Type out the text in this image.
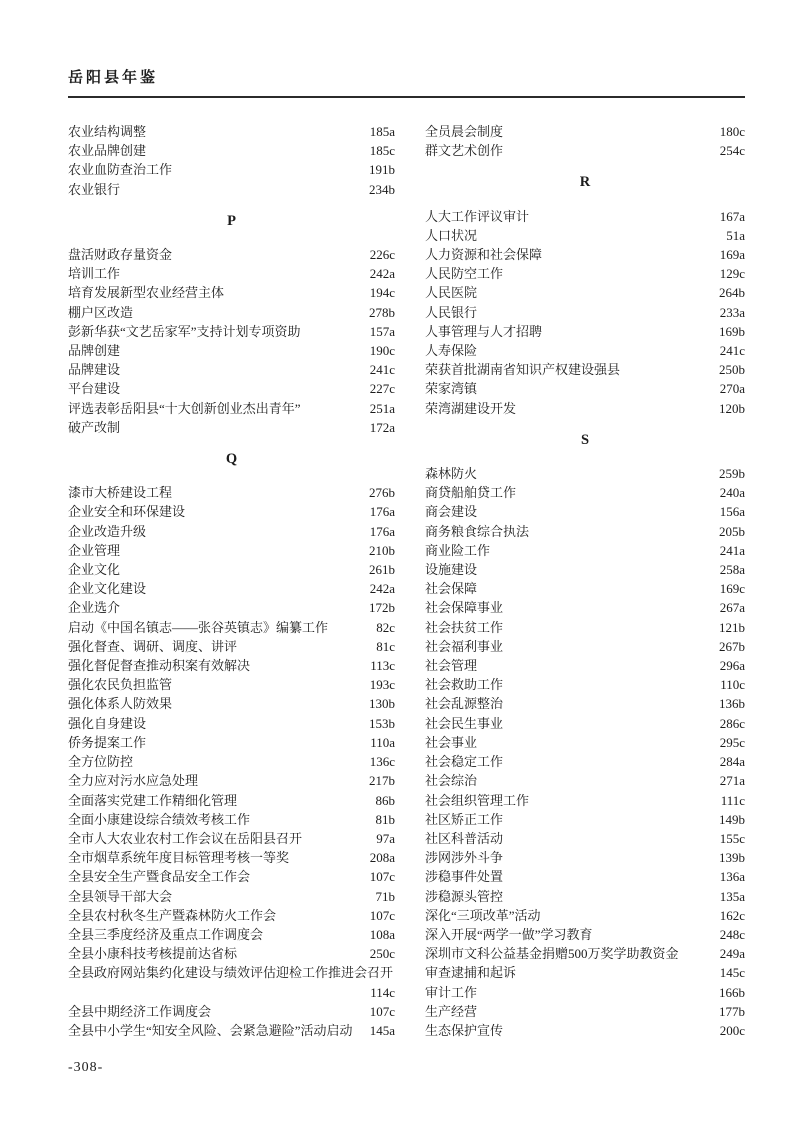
岳阳县年鉴
农业结构调整	185a
农业品牌创建	185c
农业血防查治工作	191b
农业银行	234b
P
盘活财政存量资金	226c
培训工作	242a
培育发展新型农业经营主体	194c
棚户区改造	278b
彭新华获“文艺岳家军”支持计划专项资助	157a
品牌创建	190c
品牌建设	241c
平台建设	227c
评选表彰岳阳县“十大创新创业杰出青年”	251a
破产改制	172a
Q
漆市大桥建设工程	276b
企业安全和环保建设	176a
企业改造升级	176a
企业管理	210b
企业文化	261b
企业文化建设	242a
企业选介	172b
启动《中国名镇志——张谷英镇志》编纂工作	82c
强化督查、调研、调度、讲评	81c
强化督促督查推动积案有效解决	113c
强化农民负担监管	193c
强化体系人防效果	130b
强化自身建设	153b
侨务提案工作	110a
全方位防控	136c
全力应对污水应急处理	217b
全面落实党建工作精细化管理	86b
全面小康建设综合绩效考核工作	81b
全市人大农业农村工作会议在岳阳县召开	97a
全市烟草系统年度目标管理考核一等奖	208a
全县安全生产暨食品安全工作会	107c
全县领导干部大会	71b
全县农村秋冬生产暨森林防火工作会	107c
全县三季度经济及重点工作调度会	108a
全县小康科技考核提前达省标	250c
全县政府网站集约化建设与绩效评估迎检工作推进会召开
114c
全县中期经济工作调度会	107c
全县中小学生“知安全风险、会紧急避险”活动启动	145a
全员晨会制度	180c
群文艺术创作	254c
R
人大工作评议审计	167a
人口状况	51a
人力资源和社会保障	169a
人民防空工作	129c
人民医院	264b
人民银行	233a
人事管理与人才招聘	169b
人寿保险	241c
荣获首批湖南省知识产权建设强县	250b
荣家湾镇	270a
荣湾湖建设开发	120b
S
森林防火	259b
商贷船舶贷工作	240a
商会建设	156a
商务粮食综合执法	205b
商业险工作	241a
设施建设	258a
社会保障	169c
社会保障事业	267a
社会扶贫工作	121b
社会福利事业	267b
社会管理	296a
社会救助工作	110c
社会乱源整治	136b
社会民生事业	286c
社会事业	295c
社会稳定工作	284a
社会综治	271a
社会组织管理工作	111c
社区矫正工作	149b
社区科普活动	155c
涉网涉外斗争	139b
涉稳事件处置	136a
涉稳源头管控	135a
深化“三项改革”活动	162c
深入开展“两学一做”学习教育	248c
深圳市文科公益基金捐赠500万奖学助教资金	249a
审查逮捕和起诉	145c
审计工作	166b
生产经营	177b
生态保护宣传	200c
-308-
